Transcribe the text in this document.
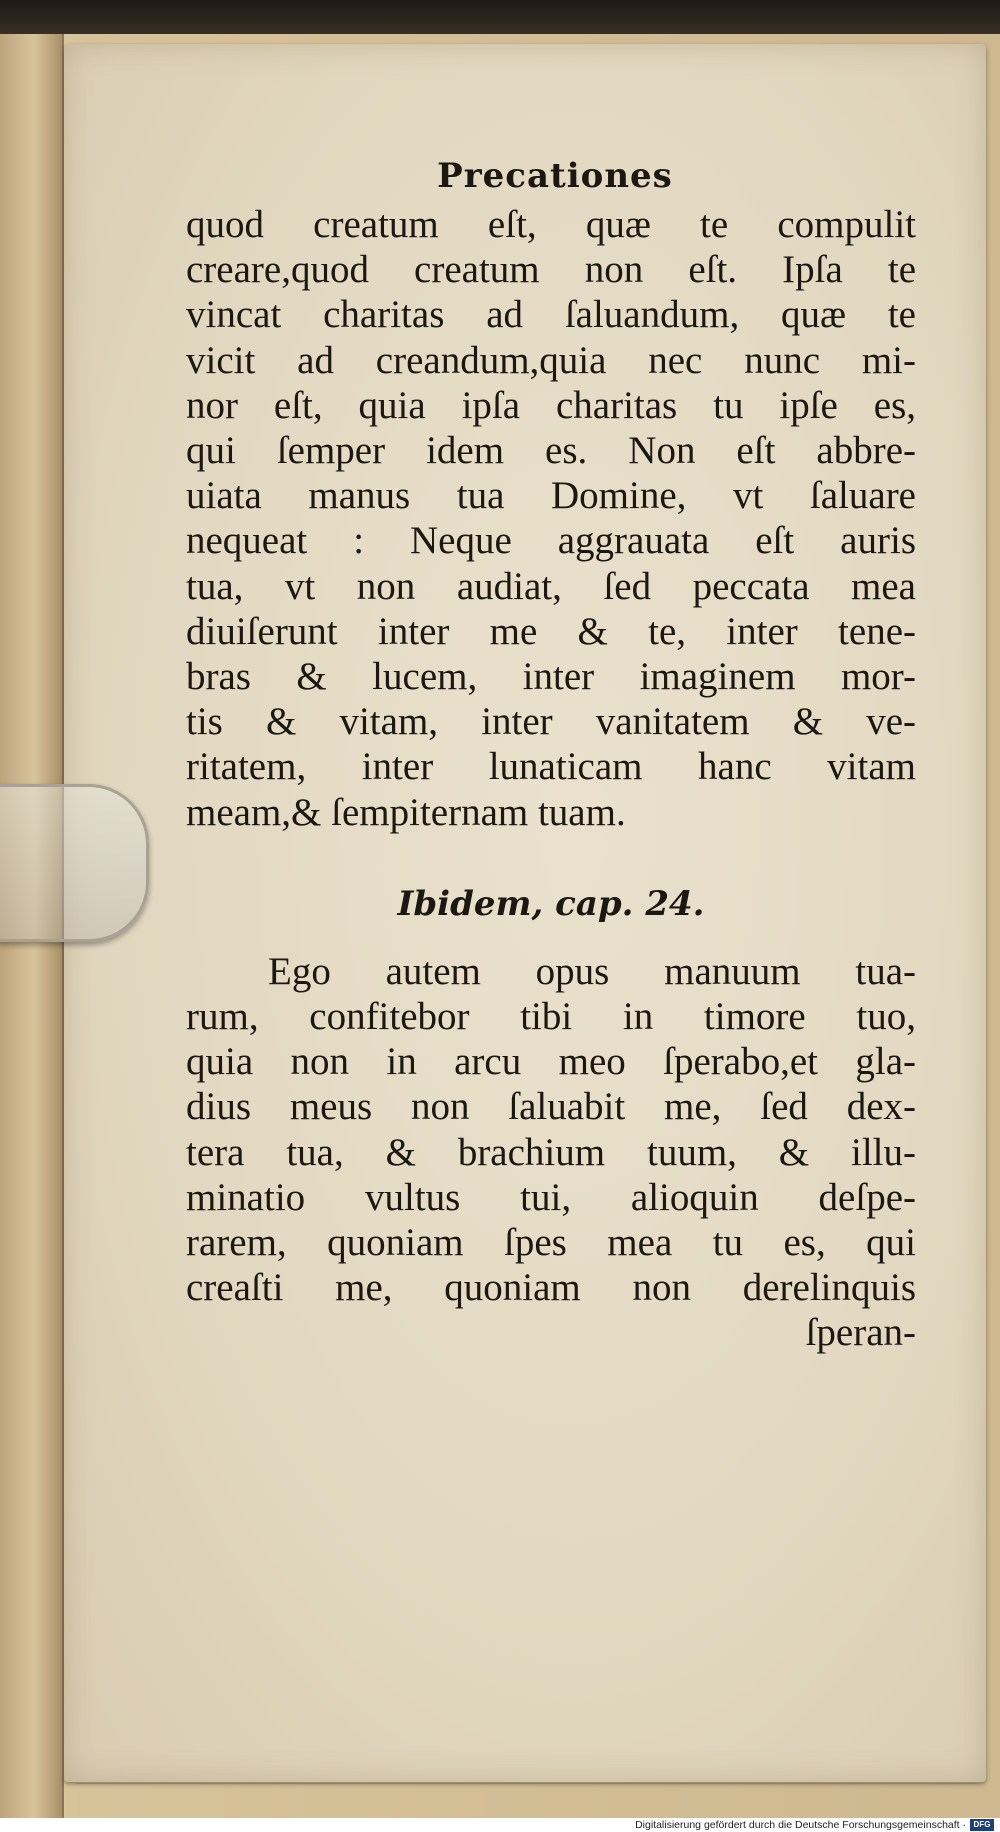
Precationes
quod creatum eſt, quæ te compulit
creare,quod creatum non eſt. Ipſa te
vincat charitas ad ſaluandum, quæ te
vicit ad creandum,quia nec nunc mi-
nor eſt, quia ipſa charitas tu ipſe es,
qui ſemper idem es. Non eſt abbre-
uiata manus tua Domine, vt ſaluare
nequeat : Neque aggrauata eſt auris
tua, vt non audiat, ſed peccata mea
diuiſerunt inter me & te, inter tene-
bras & lucem, inter imaginem mor-
tis & vitam, inter vanitatem & ve-
ritatem, inter lunaticam hanc vitam
meam,& ſempiternam tuam.
Ibidem, cap. 24.
Ego autem opus manuum tua-
rum, confitebor tibi in timore tuo,
quia non in arcu meo ſperabo,et gla-
dius meus non ſaluabit me, ſed dex-
tera tua, & brachium tuum, & illu-
minatio vultus tui, alioquin deſpe-
rarem, quoniam ſpes mea tu es, qui
creaſti me, quoniam non derelinquis
ſperan-
Digitalisierung gefördert durch die Deutsche Forschungsgemeinschaft · DFG
